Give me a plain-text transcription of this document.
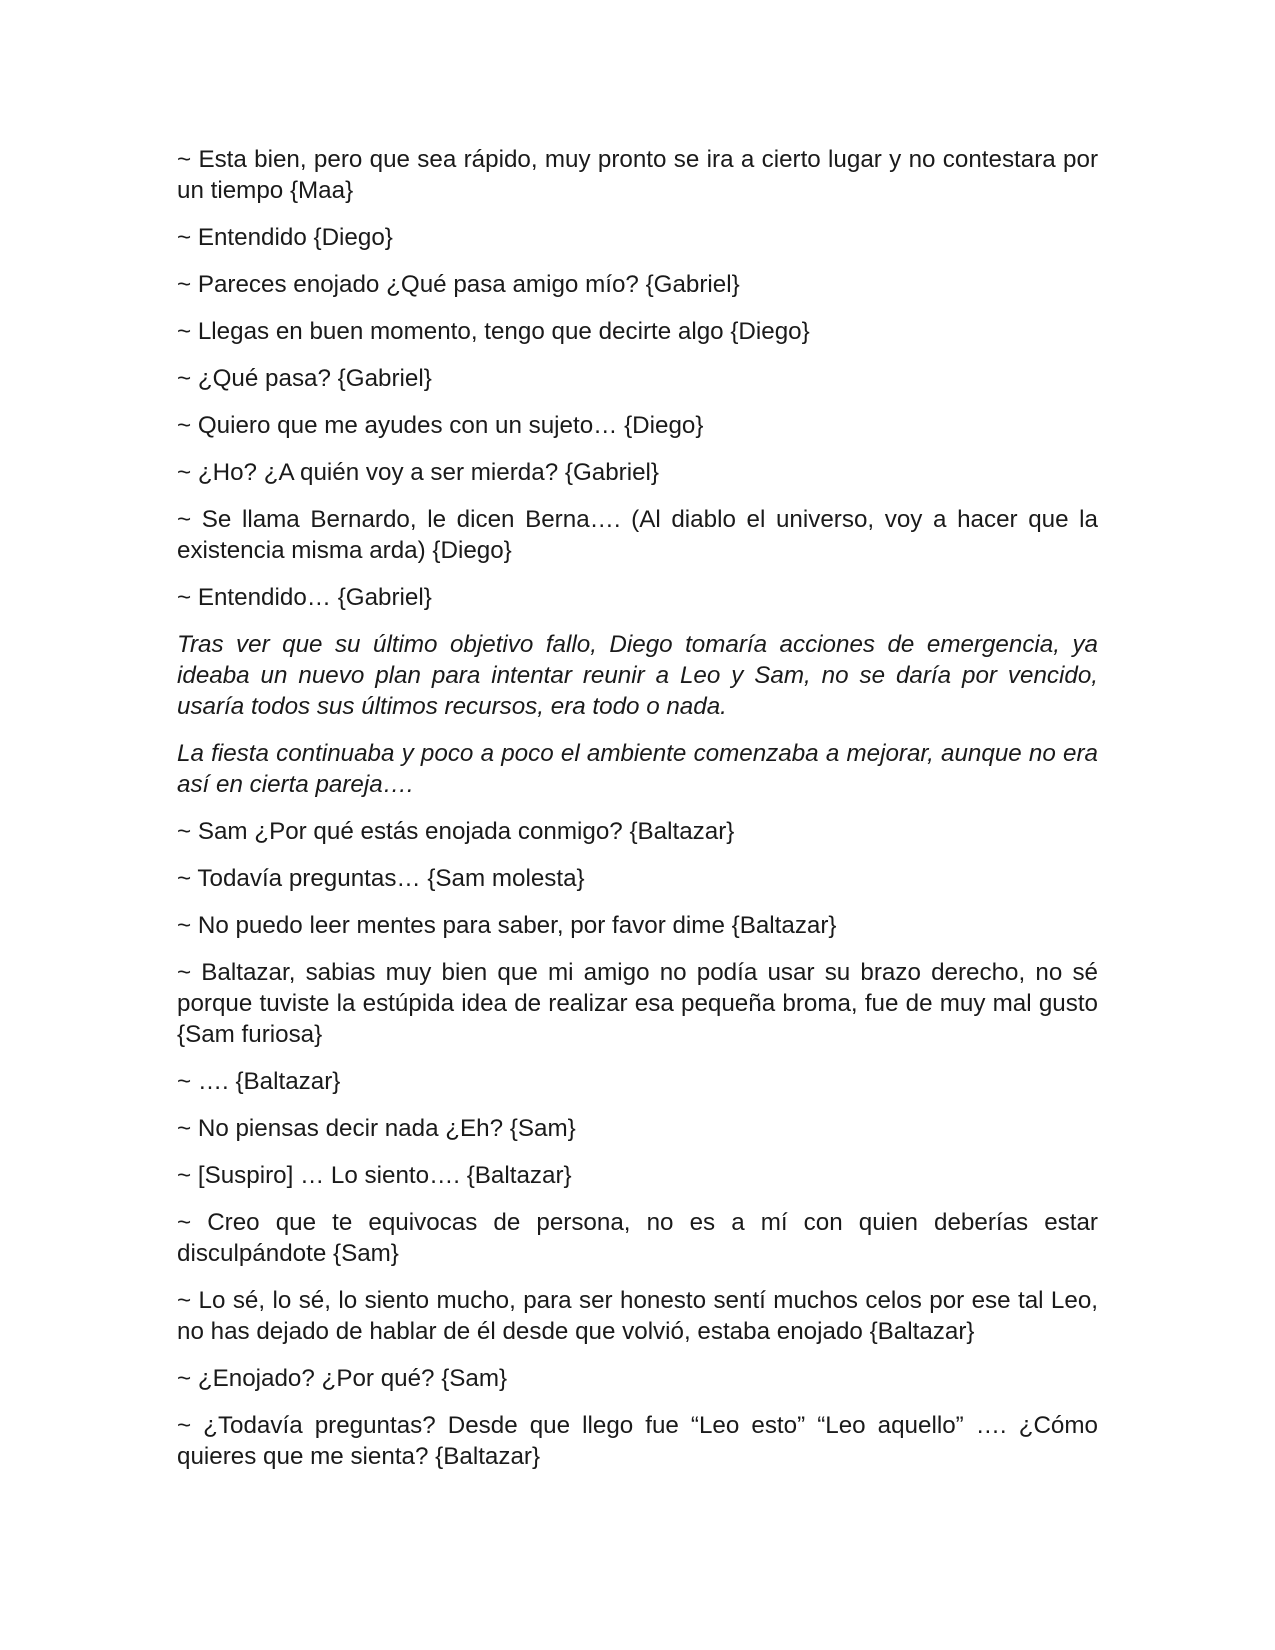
~ Esta bien, pero que sea rápido, muy pronto se ira a cierto lugar y no contestara por un tiempo {Maa}

~ Entendido {Diego}

~ Pareces enojado ¿Qué pasa amigo mío? {Gabriel}

~ Llegas en buen momento, tengo que decirte algo {Diego}

~ ¿Qué pasa? {Gabriel}

~ Quiero que me ayudes con un sujeto… {Diego}

~ ¿Ho? ¿A quién voy a ser mierda? {Gabriel}

~ Se llama Bernardo, le dicen Berna…. (Al diablo el universo, voy a hacer que la existencia misma arda) {Diego}

~ Entendido… {Gabriel}

Tras ver que su último objetivo fallo, Diego tomaría acciones de emergencia, ya ideaba un nuevo plan para intentar reunir a Leo y Sam, no se daría por vencido, usaría todos sus últimos recursos, era todo o nada.

La fiesta continuaba y poco a poco el ambiente comenzaba a mejorar, aunque no era así en cierta pareja….

~ Sam ¿Por qué estás enojada conmigo? {Baltazar}

~ Todavía preguntas… {Sam molesta}

~ No puedo leer mentes para saber, por favor dime {Baltazar}

~ Baltazar, sabias muy bien que mi amigo no podía usar su brazo derecho, no sé porque tuviste la estúpida idea de realizar esa pequeña broma, fue de muy mal gusto {Sam furiosa}

~ …. {Baltazar}

~ No piensas decir nada ¿Eh? {Sam}

~ [Suspiro] … Lo siento…. {Baltazar}

~ Creo que te equivocas de persona, no es a mí con quien deberías estar disculpándote {Sam}

~ Lo sé, lo sé, lo siento mucho, para ser honesto sentí muchos celos por ese tal Leo, no has dejado de hablar de él desde que volvió, estaba enojado {Baltazar}

~ ¿Enojado? ¿Por qué? {Sam}

~ ¿Todavía preguntas? Desde que llego fue “Leo esto” “Leo aquello” …. ¿Cómo quieres que me sienta? {Baltazar}
